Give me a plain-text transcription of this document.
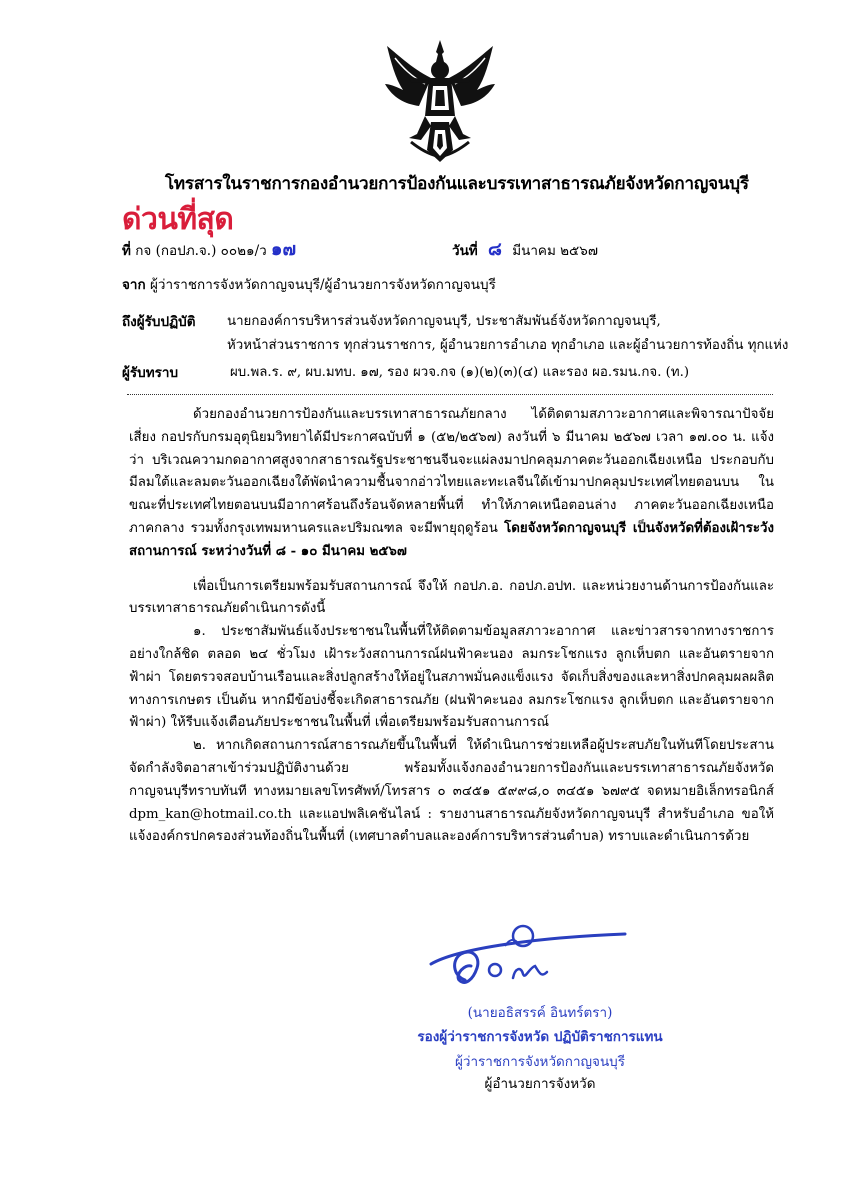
โทรสารในราชการกองอำนวยการป้องกันและบรรเทาสาธารณภัยจังหวัดกาญจนบุรี
ด่วนที่สุด
ที่ กจ (กอปภ.จ.) ๐๐๒๑/ว ๑๗	วันที่ ๘ มีนาคม ๒๕๖๗
จาก ผู้ว่าราชการจังหวัดกาญจนบุรี/ผู้อำนวยการจังหวัดกาญจนบุรี
ถึงผู้รับปฏิบัติ นายกองค์การบริหารส่วนจังหวัดกาญจนบุรี, ประชาสัมพันธ์จังหวัดกาญจนบุรี,
หัวหน้าส่วนราชการ ทุกส่วนราชการ, ผู้อำนวยการอำเภอ ทุกอำเภอ และผู้อำนวยการท้องถิ่น ทุกแห่ง
ผู้รับทราบ	ผบ.พล.ร. ๙, ผบ.มทบ. ๑๗, รอง ผวจ.กจ (๑)(๒)(๓)(๔) และรอง ผอ.รมน.กจ. (ท.)

ด้วยกองอำนวยการป้องกันและบรรเทาสาธารณภัยกลาง ได้ติดตามสภาวะอากาศและพิจารณาปัจจัยเสี่ยง กอปรกับกรมอุตุนิยมวิทยาได้มีประกาศฉบับที่ ๑ (๕๒/๒๕๖๗) ลงวันที่ ๖ มีนาคม ๒๕๖๗ เวลา ๑๗.๐๐ น. แจ้งว่า บริเวณความกดอากาศสูงจากสาธารณรัฐประชาชนจีนจะแผ่ลงมาปกคลุมภาคตะวันออกเฉียงเหนือ ประกอบกับมีลมใต้และลมตะวันออกเฉียงใต้พัดนำความชื้นจากอ่าวไทยและทะเลจีนใต้เข้ามาปกคลุมประเทศไทยตอนบน ในขณะที่ประเทศไทยตอนบนมีอากาศร้อนถึงร้อนจัดหลายพื้นที่ ทำให้ภาคเหนือตอนล่าง ภาคตะวันออกเฉียงเหนือ ภาคกลาง รวมทั้งกรุงเทพมหานครและปริมณฑล จะมีพายุฤดูร้อน โดยจังหวัดกาญจนบุรี เป็นจังหวัดที่ต้องเฝ้าระวังสถานการณ์ ระหว่างวันที่ ๘ - ๑๐ มีนาคม ๒๕๖๗

เพื่อเป็นการเตรียมพร้อมรับสถานการณ์ จึงให้ กอปภ.อ. กอปภ.อปท. และหน่วยงานด้านการป้องกันและบรรเทาสาธารณภัยดำเนินการดังนี้

๑. ประชาสัมพันธ์แจ้งประชาชนในพื้นที่ให้ติดตามข้อมูลสภาวะอากาศ และข่าวสารจากทางราชการอย่างใกล้ชิด ตลอด ๒๔ ชั่วโมง เฝ้าระวังสถานการณ์ฝนฟ้าคะนอง ลมกระโชกแรง ลูกเห็บตก และอันตรายจากฟ้าผ่า โดยตรวจสอบบ้านเรือนและสิ่งปลูกสร้างให้อยู่ในสภาพมั่นคงแข็งแรง จัดเก็บสิ่งของและหาสิ่งปกคลุมผลผลิตทางการเกษตร เป็นต้น หากมีข้อบ่งชี้จะเกิดสาธารณภัย (ฝนฟ้าคะนอง ลมกระโชกแรง ลูกเห็บตก และอันตรายจากฟ้าผ่า) ให้รีบแจ้งเตือนภัยประชาชนในพื้นที่ เพื่อเตรียมพร้อมรับสถานการณ์

๒. หากเกิดสถานการณ์สาธารณภัยขึ้นในพื้นที่ ให้ดำเนินการช่วยเหลือผู้ประสบภัยในทันทีโดยประสานจัดกำลังจิตอาสาเข้าร่วมปฏิบัติงานด้วย พร้อมทั้งแจ้งกองอำนวยการป้องกันและบรรเทาสาธารณภัยจังหวัดกาญจนบุรีทราบทันที ทางหมายเลขโทรศัพท์/โทรสาร ๐ ๓๔๕๑ ๕๙๙๘,๐ ๓๔๕๑ ๖๗๙๕ จดหมายอิเล็กทรอนิกส์ dpm_kan@hotmail.co.th และแอปพลิเคชันไลน์ : รายงานสาธารณภัยจังหวัดกาญจนบุรี สำหรับอำเภอ ขอให้แจ้งองค์กรปกครองส่วนท้องถิ่นในพื้นที่ (เทศบาลตำบลและองค์การบริหารส่วนตำบล) ทราบและดำเนินการด้วย

(นายอธิสรรค์ อินทร์ตรา)
รองผู้ว่าราชการจังหวัด ปฏิบัติราชการแทน
ผู้ว่าราชการจังหวัดกาญจนบุรี
ผู้อำนวยการจังหวัด
